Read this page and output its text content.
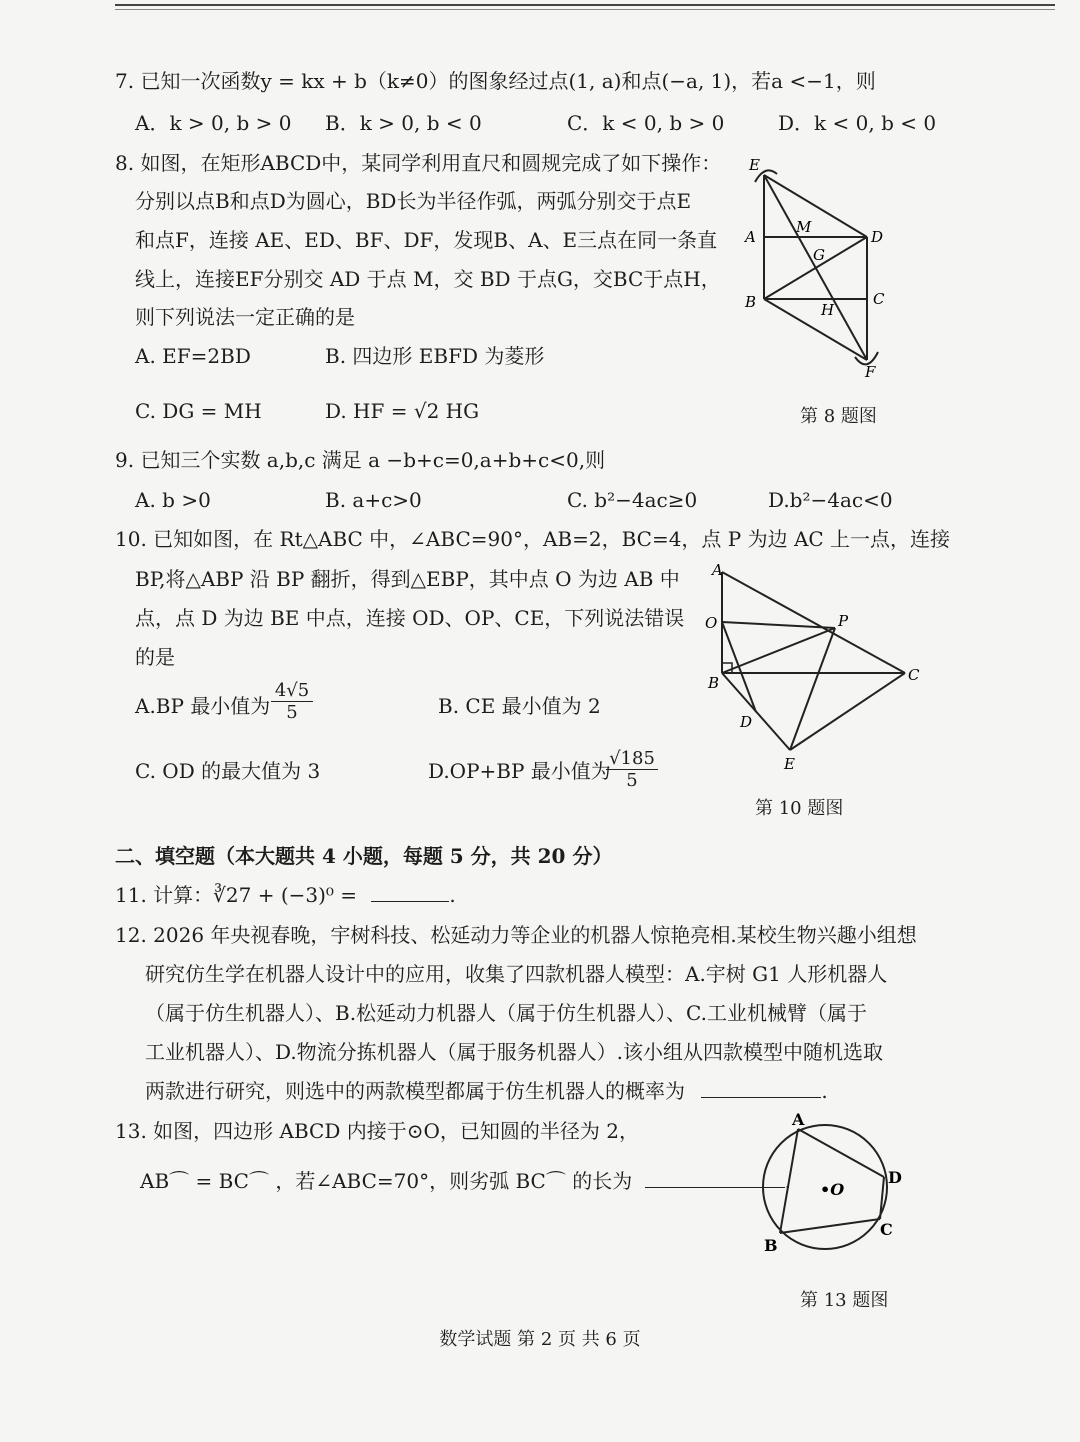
7. 已知一次函数y = kx + b（k≠0）的图象经过点(1, a)和点(−a, 1)，若a <−1，则
A．k > 0, b > 0 B．k > 0, b < 0	C．k < 0, b > 0	D．k < 0, b < 0
8. 如图，在矩形ABCD中，某同学利用直尺和圆规完成了如下操作：
分别以点B和点D为圆心，BD长为半径作弧，两弧分别交于点E
和点F，连接 AE、ED、BF、DF，发现B、A、E三点在同一条直
线上，连接EF分别交 AD 于点 M，交 BD 于点G，交BC于点H，
则下列说法一定正确的是
A. EF=2BD	B. 四边形 EBFD 为菱形
C. DG = MH	D. HF = √2 HG
E
A
M
D
G
B	H
C
F
第 8 题图
9. 已知三个实数 a,b,c 满足 a −b+c=0,a+b+c<0,则
A. b >0	B. a+c>0	C. b²−4ac≥0	D.b²−4ac<0
10. 已知如图，在 Rt△ABC 中，∠ABC=90°，AB=2，BC=4，点 P 为边 AC 上一点，连接
BP,将△ABP 沿 BP 翻折，得到△EBP，其中点 O 为边 AB 中
点，点 D 为边 BE 中点，连接 OD、OP、CE，下列说法错误
的是
A.BP 最小值为 $\frac{4√5}{5}$	B. CE 最小值为 2
C. OD 的最大值为 3	D.OP+BP 最小值为
$\frac{√185}{5}$
A
O	P
B	C
D
E
第 10 题图
二、填空题（本大题共 4 小题，每题 5 分，共 20 分）
11. 计算：∛27 + (−3)⁰ =	.
12. 2026 年央视春晚，宇树科技、松延动力等企业的机器人惊艳亮相.某校生物兴趣小组想
研究仿生学在机器人设计中的应用，收集了四款机器人模型：A.宇树 G1 人形机器人
（属于仿生机器人）、B.松延动力机器人（属于仿生机器人）、C.工业机械臂（属于
工业机器人）、D.物流分拣机器人（属于服务机器人）.该小组从四款模型中随机选取
两款进行研究，则选中的两款模型都属于仿生机器人的概率为	.
13. 如图，四边形 ABCD 内接于⊙O，已知圆的半径为 2，
AB⌒ = BC⌒ ，若∠ABC=70°，则劣弧 BC⌒ 的长为	.
A
D
•O
C
B
第 13 题图
数学试题 第 2 页 共 6 页
